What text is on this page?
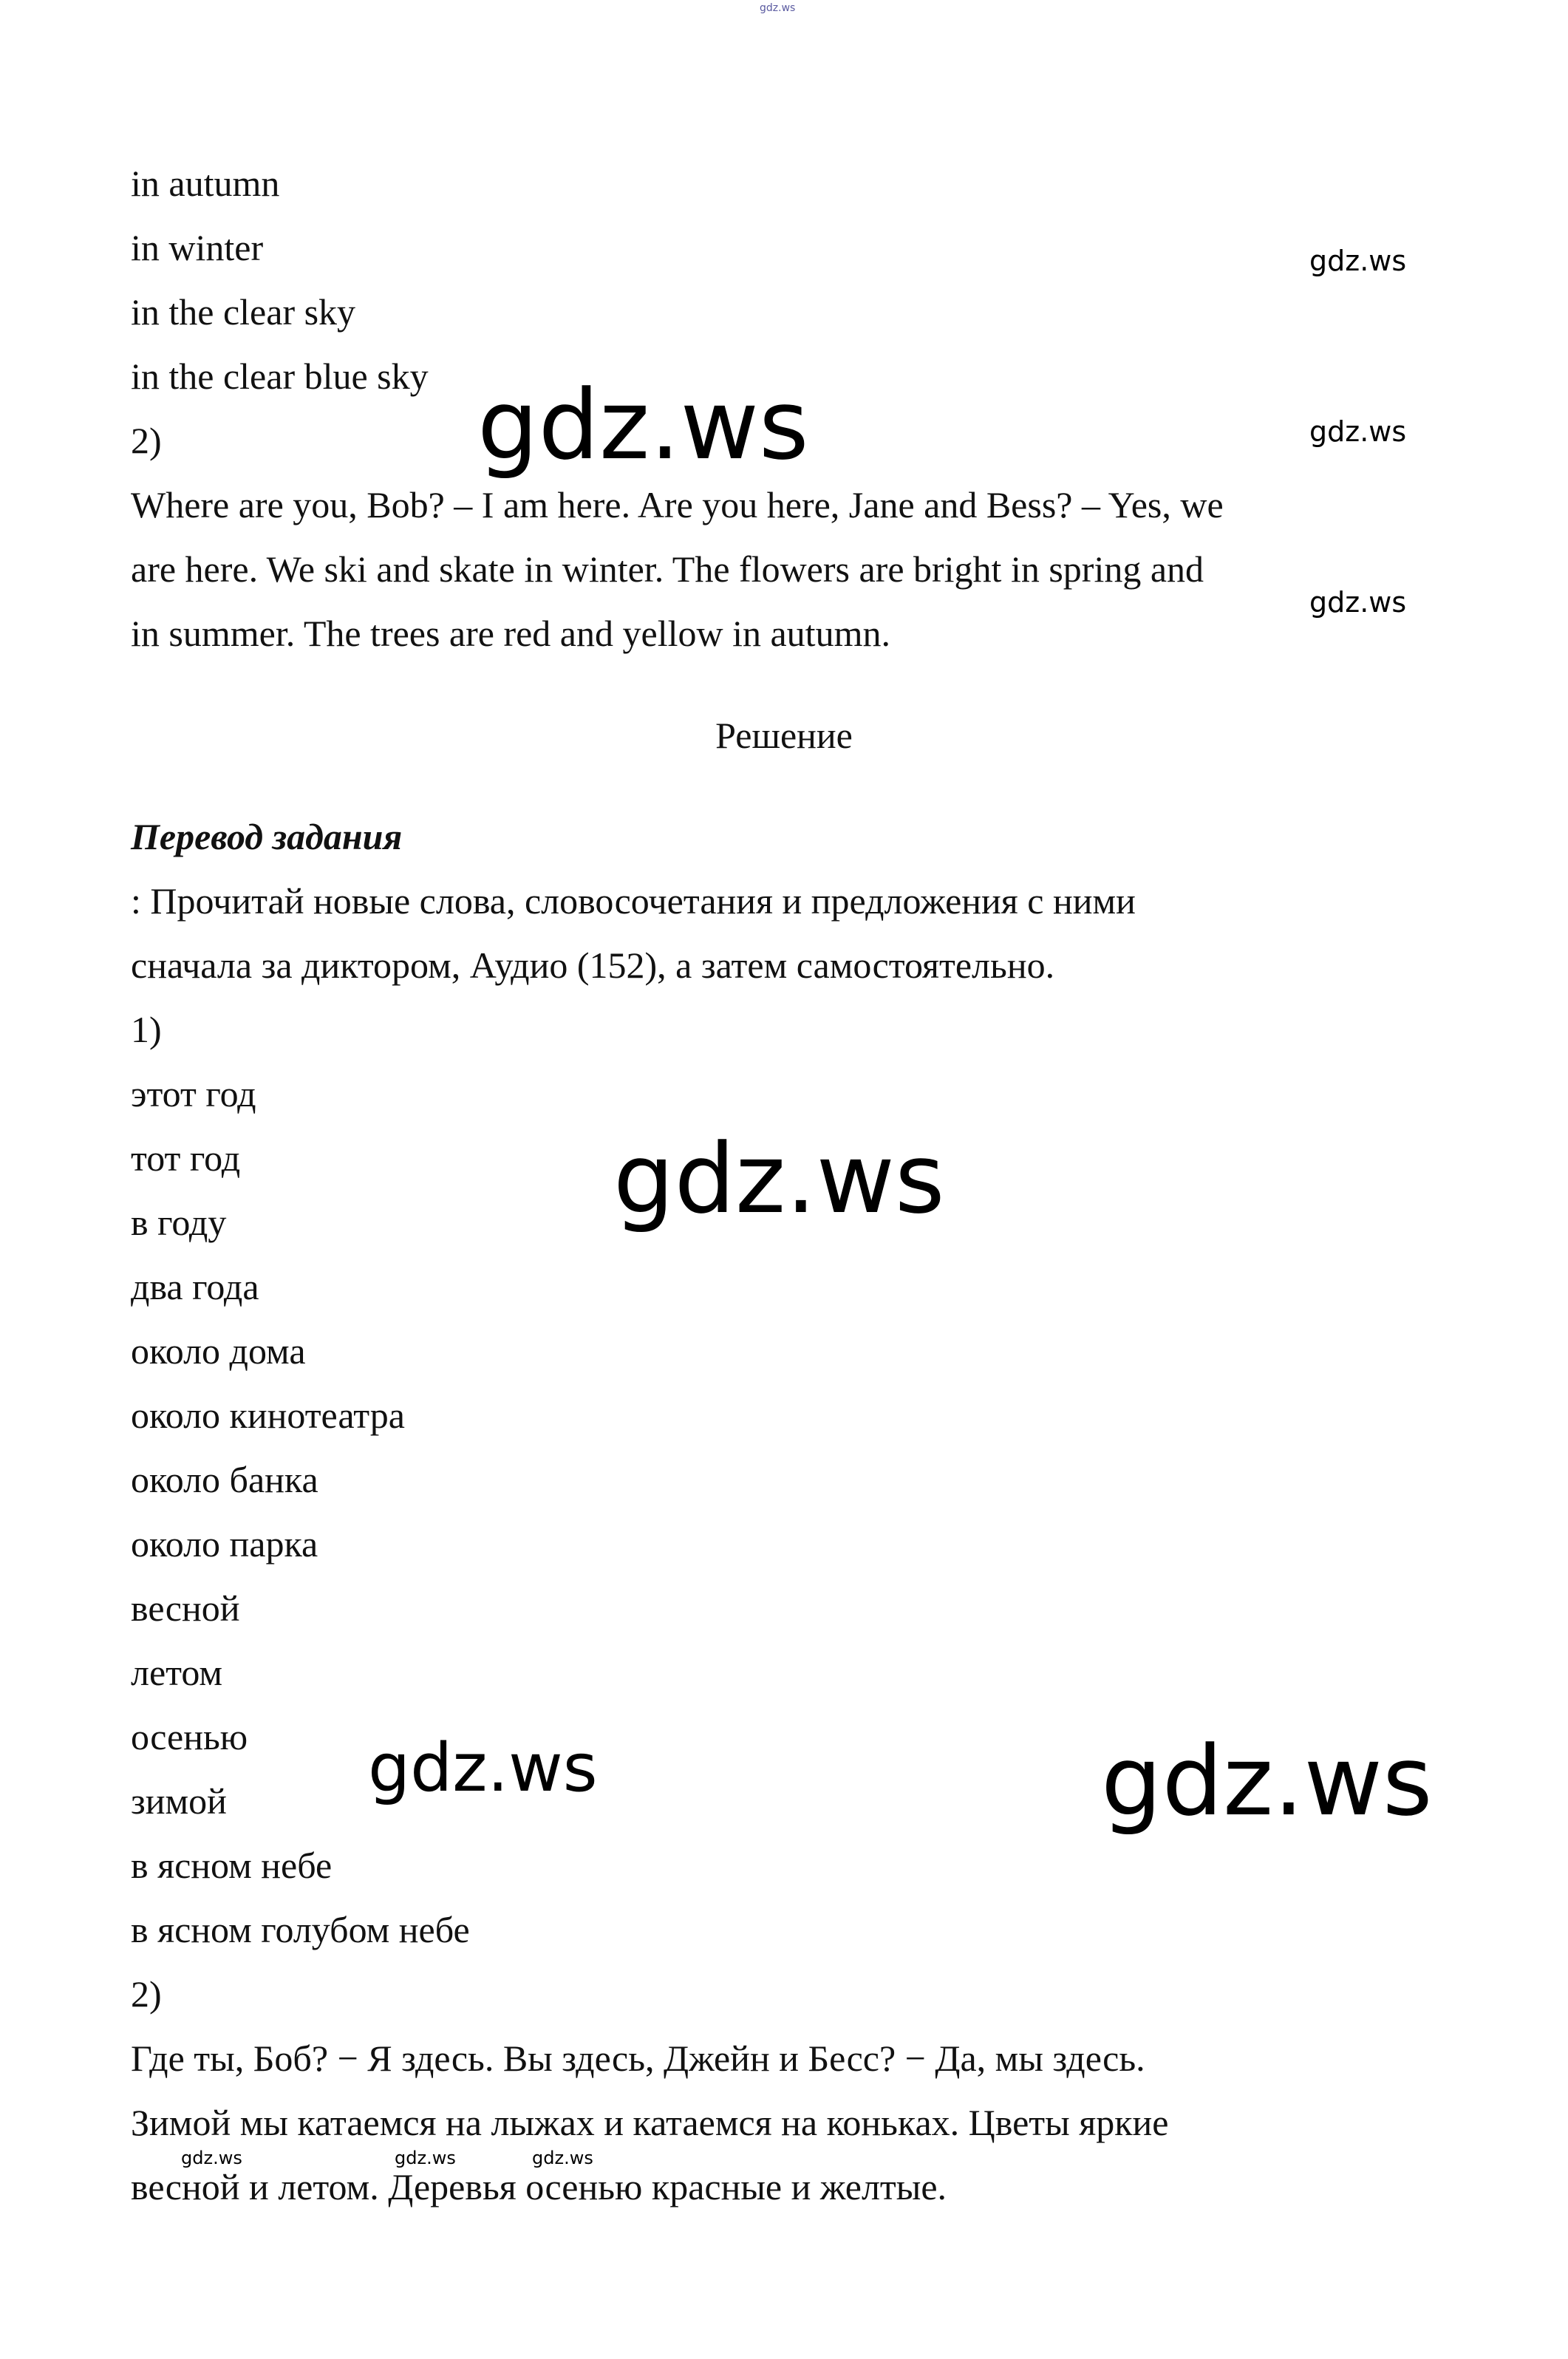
gdz.ws
gdz.ws
gdz.ws
gdz.ws
gdz.ws
gdz.ws
gdz.ws	gdz.ws
gdz.ws	gdz.ws	gdz.ws
in autumn
in winter
in the clear sky
in the clear blue sky
2)
Where are you, Bob? – I am here. Are you here, Jane and Bess? – Yes, we
are here. We ski and skate in winter. The flowers are bright in spring and
in summer. The trees are red and yellow in autumn.
Решение
Перевод задания
: Прочитай новые слова, словосочетания и предложения с ними
сначала за диктором, Аудио (152), а затем самостоятельно.
1)
этот год
тот год
в году
два года
около дома
около кинотеатра
около банка
около парка
весной
летом
осенью
зимой
в ясном небе
в ясном голубом небе
2)
Где ты, Боб? − Я здесь. Вы здесь, Джейн и Бесс? − Да, мы здесь.
Зимой мы катаемся на лыжах и катаемся на коньках. Цветы яркие
весной и летом. Деревья осенью красные и желтые.
